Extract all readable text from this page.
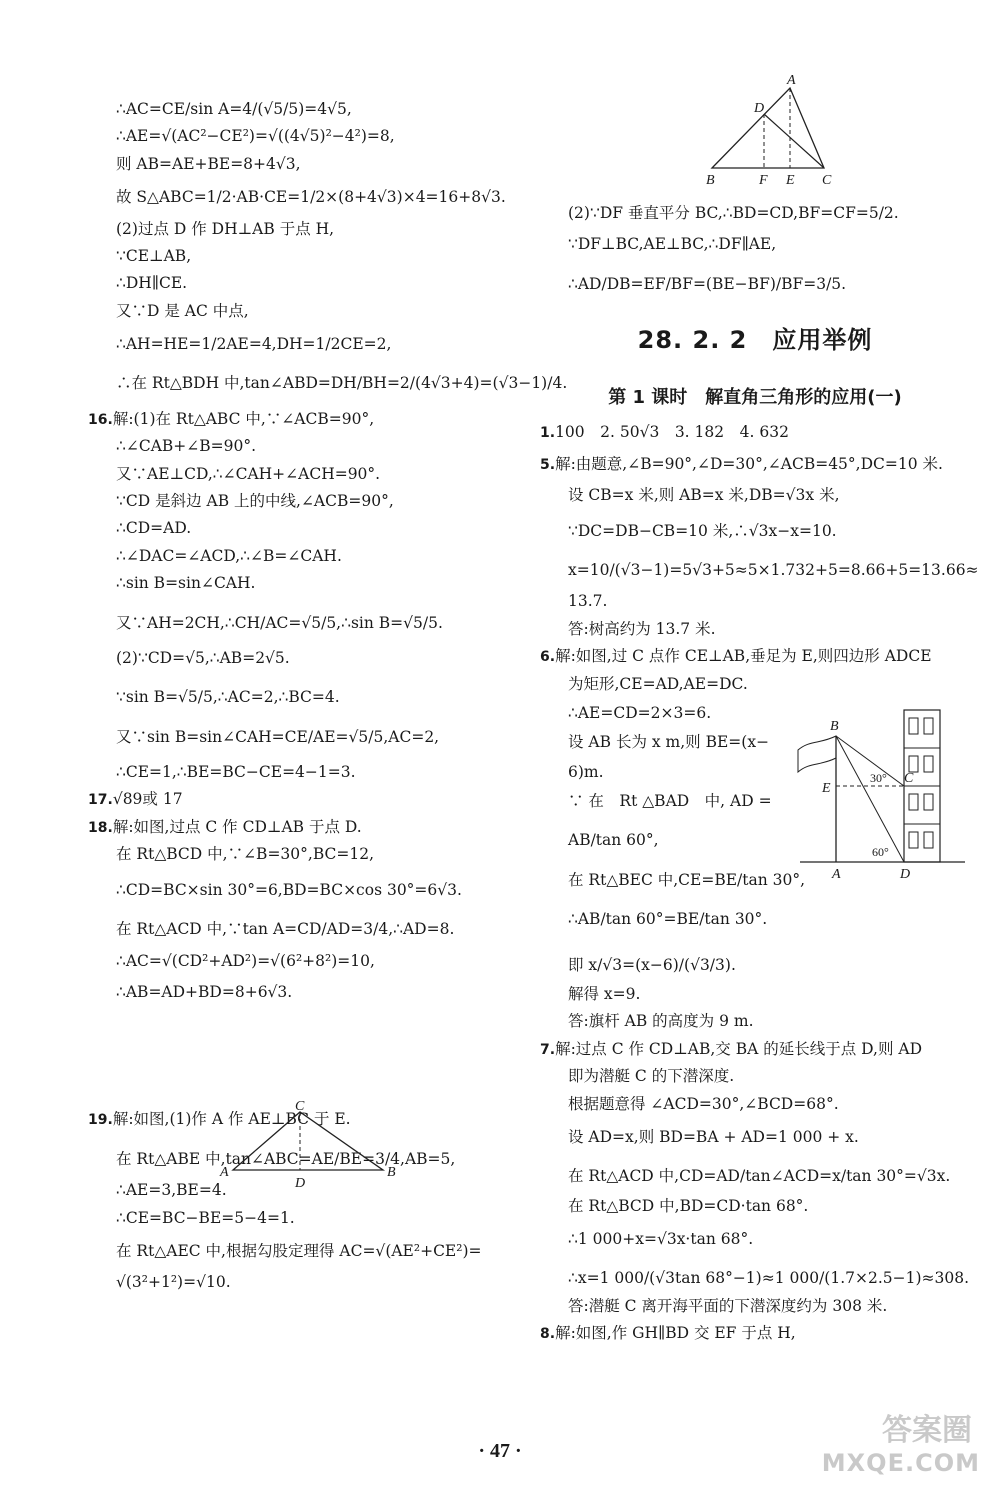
∴AC=CE/sin A=4/(√5/5)=4√5,
∴AE=√(AC²−CE²)=√((4√5)²−4²)=8,
则 AB=AE+BE=8+4√3,
故 S△ABC=1/2·AB·CE=1/2×(8+4√3)×4=16+8√3.
(2)过点 D 作 DH⊥AB 于点 H,
∵CE⊥AB,
∴DH∥CE.
又∵D 是 AC 中点,
∴AH=HE=1/2AE=4,DH=1/2CE=2,
∴在 Rt△BDH 中,tan∠ABD=DH/BH=2/(4√3+4)=(√3−1)/4.
16.解:(1)在 Rt△ABC 中,∵∠ACB=90°,
∴∠CAB+∠B=90°.
又∵AE⊥CD,∴∠CAH+∠ACH=90°.
∵CD 是斜边 AB 上的中线,∠ACB=90°,
∴CD=AD.
∴∠DAC=∠ACD,∴∠B=∠CAH.
∴sin B=sin∠CAH.
又∵AH=2CH,∴CH/AC=√5/5,∴sin B=√5/5.
(2)∵CD=√5,∴AB=2√5.
∵sin B=√5/5,∴AC=2,∴BC=4.
又∵sin B=sin∠CAH=CE/AE=√5/5,AC=2,
∴CE=1,∴BE=BC−CE=4−1=3.
17.√89或 17
18.解:如图,过点 C 作 CD⊥AB 于点 D.
在 Rt△BCD 中,∵∠B=30°,BC=12,
∴CD=BC×sin 30°=6,BD=BC×cos 30°=6√3.
在 Rt△ACD 中,∵tan A=CD/AD=3/4,∴AD=8.
∴AC=√(CD²+AD²)=√(6²+8²)=10,
∴AB=AD+BD=8+6√3.
19.解:如图,(1)作 A 作 AE⊥BC 于 E.
在 Rt△ABE 中,tan∠ABC=AE/BE=3/4,AB=5,
∴AE=3,BE=4.
∴CE=BC−BE=5−4=1.
在 Rt△AEC 中,根据勾股定理得 AC=√(AE²+CE²)=
√(3²+1²)=√10.
C
A
D
B
A
D
B	F E C
(2)∵DF 垂直平分 BC,∴BD=CD,BF=CF=5/2.
∵DF⊥BC,AE⊥BC,∴DF∥AE,
∴AD/DB=EF/BF=(BE−BF)/BF=3/5.
28. 2. 2　应用举例
第 1 课时　解直角三角形的应用(一)
1.100　2. 50√3　3. 182　4. 632
5.解:由题意,∠B=90°,∠D=30°,∠ACB=45°,DC=10 米.
设 CB=x 米,则 AB=x 米,DB=√3x 米,
∵DC=DB−CB=10 米,∴√3x−x=10.
x=10/(√3−1)=5√3+5≈5×1.732+5=8.66+5=13.66≈
13.7.
答:树高约为 13.7 米.
6.解:如图,过 C 点作 CE⊥AB,垂足为 E,则四边形 ADCE
为矩形,CE=AD,AE=DC.
∴AE=CD=2×3=6.
设 AB 长为 x m,则 BE=(x−
6)m.
∵ 在　Rt △BAD　中, AD =
AB/tan 60°,
在 Rt△BEC 中,CE=BE/tan 30°,
∴AB/tan 60°=BE/tan 30°.
即 x/√3=(x−6)/(√3/3).
解得 x=9.
答:旗杆 AB 的高度为 9 m.
7.解:过点 C 作 CD⊥AB,交 BA 的延长线于点 D,则 AD
即为潜艇 C 的下潜深度.
根据题意得 ∠ACD=30°,∠BCD=68°.
设 AD=x,则 BD=BA + AD=1 000 + x.
在 Rt△ACD 中,CD=AD/tan∠ACD=x/tan 30°=√3x.
在 Rt△BCD 中,BD=CD·tan 68°.
∴1 000+x=√3x·tan 68°.
∴x=1 000/(√3tan 68°−1)≈1 000/(1.7×2.5−1)≈308.
答:潜艇 C 离开海平面的下潜深度约为 308 米.
8.解:如图,作 GH∥BD 交 EF 于点 H,
B
E
A	D
C
30°
60°
· 47 ·
答案圈
MXQE.COM
